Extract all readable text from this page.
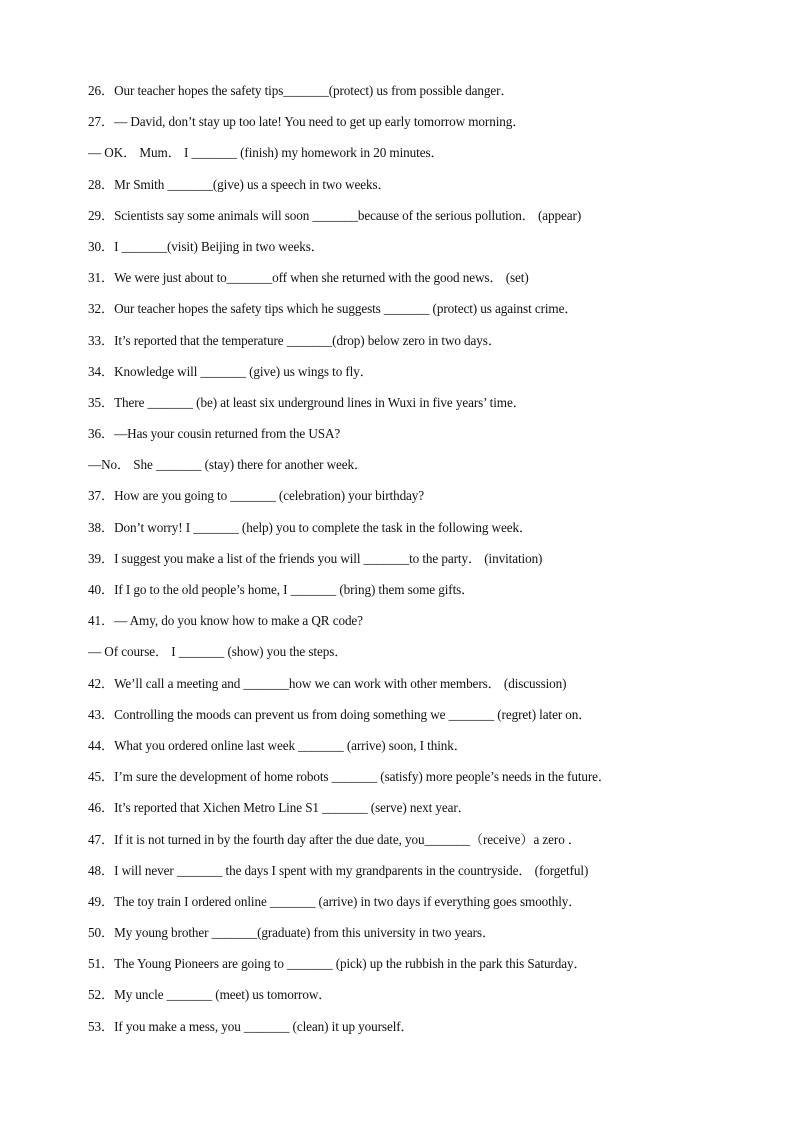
26．Our teacher hopes the safety tips_______(protect) us from possible danger．
27．— David, don’t stay up too late! You need to get up early tomorrow morning．
— OK． Mum． I _______ (finish) my homework in 20 minutes．
28．Mr Smith _______(give) us a speech in two weeks．
29．Scientists say some animals will soon _______because of the serious pollution． (appear)
30．I _______(visit) Beijing in two weeks．
31．We were just about to_______off when she returned with the good news． (set)
32．Our teacher hopes the safety tips which he suggests _______ (protect) us against crime．
33．It’s reported that the temperature _______(drop) below zero in two days．
34．Knowledge will _______ (give) us wings to fly．
35．There _______ (be) at least six underground lines in Wuxi in five years’ time．
36．—Has your cousin returned from the USA?
—No． She _______ (stay) there for another week．
37．How are you going to _______ (celebration) your birthday?
38．Don’t worry! I _______ (help) you to complete the task in the following week．
39．I suggest you make a list of the friends you will _______to the party． (invitation)
40．If I go to the old people’s home, I _______ (bring) them some gifts．
41．— Amy, do you know how to make a QR code?
— Of course． I _______ (show) you the steps．
42．We’ll call a meeting and _______how we can work with other members． (discussion)
43．Controlling the moods can prevent us from doing something we _______ (regret) later on．
44．What you ordered online last week _______ (arrive) soon, I think．
45．I’m sure the development of home robots _______ (satisfy) more people’s needs in the future．
46．It’s reported that Xichen Metro Line S1 _______ (serve) next year．
47．If it is not turned in by the fourth day after the due date, you_______（receive）a zero ．
48．I will never _______ the days I spent with my grandparents in the countryside． (forgetful)
49．The toy train I ordered online _______ (arrive) in two days if everything goes smoothly．
50．My young brother _______(graduate) from this university in two years．
51．The Young Pioneers are going to _______ (pick) up the rubbish in the park this Saturday．
52．My uncle _______ (meet) us tomorrow．
53．If you make a mess, you _______ (clean) it up yourself．
